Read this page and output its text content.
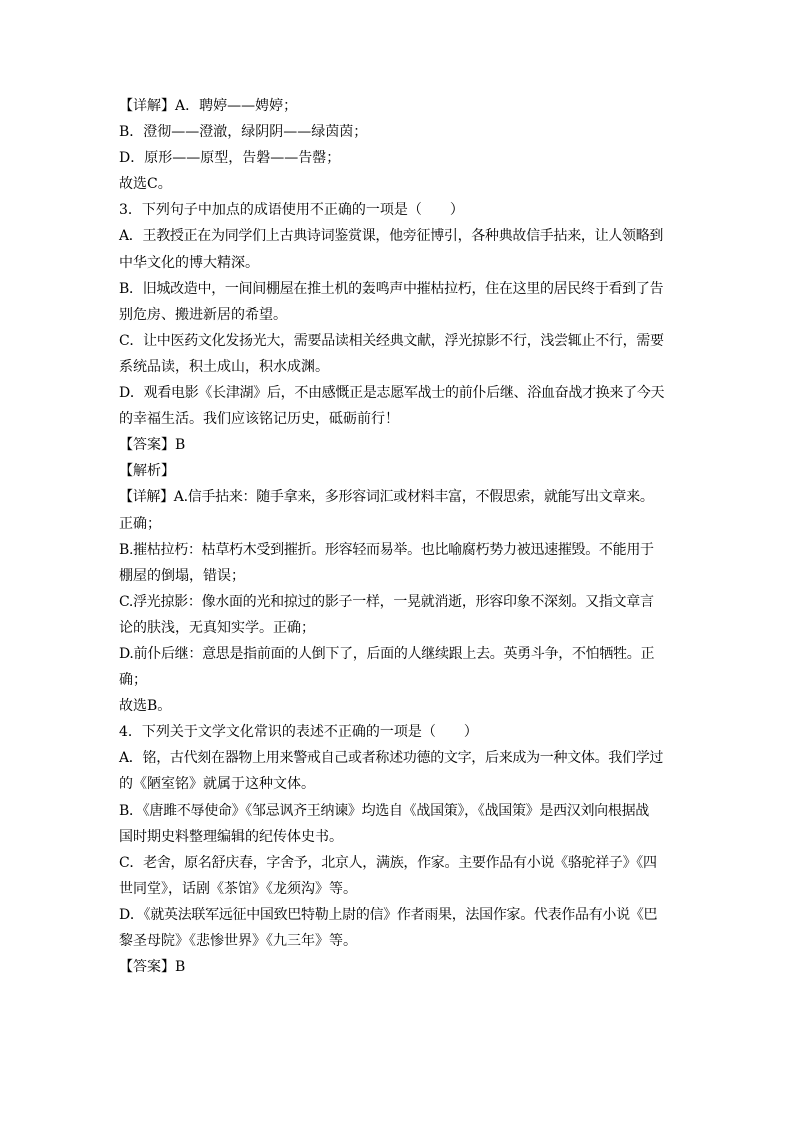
【详解】A．聘婷——娉婷；
B．澄彻——澄澈，绿阴阴——绿茵茵；
D．原形——原型，告磐——告罄；
故选C。
3．下列句子中加点的成语使用不正确的一项是（　　）
A．王教授正在为同学们上古典诗词鉴赏课，他旁征博引，各种典故信手拈来，让人领略到
中华文化的博大精深。
B．旧城改造中，一间间棚屋在推土机的轰鸣声中摧枯拉朽，住在这里的居民终于看到了告
别危房、搬进新居的希望。
C．让中医药文化发扬光大，需要品读相关经典文献，浮光掠影不行，浅尝辄止不行，需要
系统品读，积土成山，积水成渊。
D．观看电影《长津湖》后，不由感慨正是志愿军战士的前仆后继、浴血奋战才换来了今天
的幸福生活。我们应该铭记历史，砥砺前行！
【答案】B
【解析】
【详解】A.信手拈来：随手拿来，多形容词汇或材料丰富，不假思索，就能写出文章来。
正确；
B.摧枯拉朽：枯草朽木受到摧折。形容轻而易举。也比喻腐朽势力被迅速摧毁。不能用于
棚屋的倒塌，错误；
C.浮光掠影：像水面的光和掠过的影子一样，一晃就消逝，形容印象不深刻。又指文章言
论的肤浅，无真知实学。正确；
D.前仆后继：意思是指前面的人倒下了，后面的人继续跟上去。英勇斗争，不怕牺牲。正
确；
故选B。
4．下列关于文学文化常识的表述不正确的一项是（　　）
A．铭，古代刻在器物上用来警戒自己或者称述功德的文字，后来成为一种文体。我们学过
的《陋室铭》就属于这种文体。
B．《唐雎不辱使命》《邹忌讽齐王纳谏》均选自《战国策》，《战国策》是西汉刘向根据战
国时期史料整理编辑的纪传体史书。
C．老舍，原名舒庆春，字舍予，北京人，满族，作家。主要作品有小说《骆驼祥子》《四
世同堂》，话剧《茶馆》《龙须沟》等。
D．《就英法联军远征中国致巴特勒上尉的信》作者雨果，法国作家。代表作品有小说《巴
黎圣母院》《悲惨世界》《九三年》等。
【答案】B
